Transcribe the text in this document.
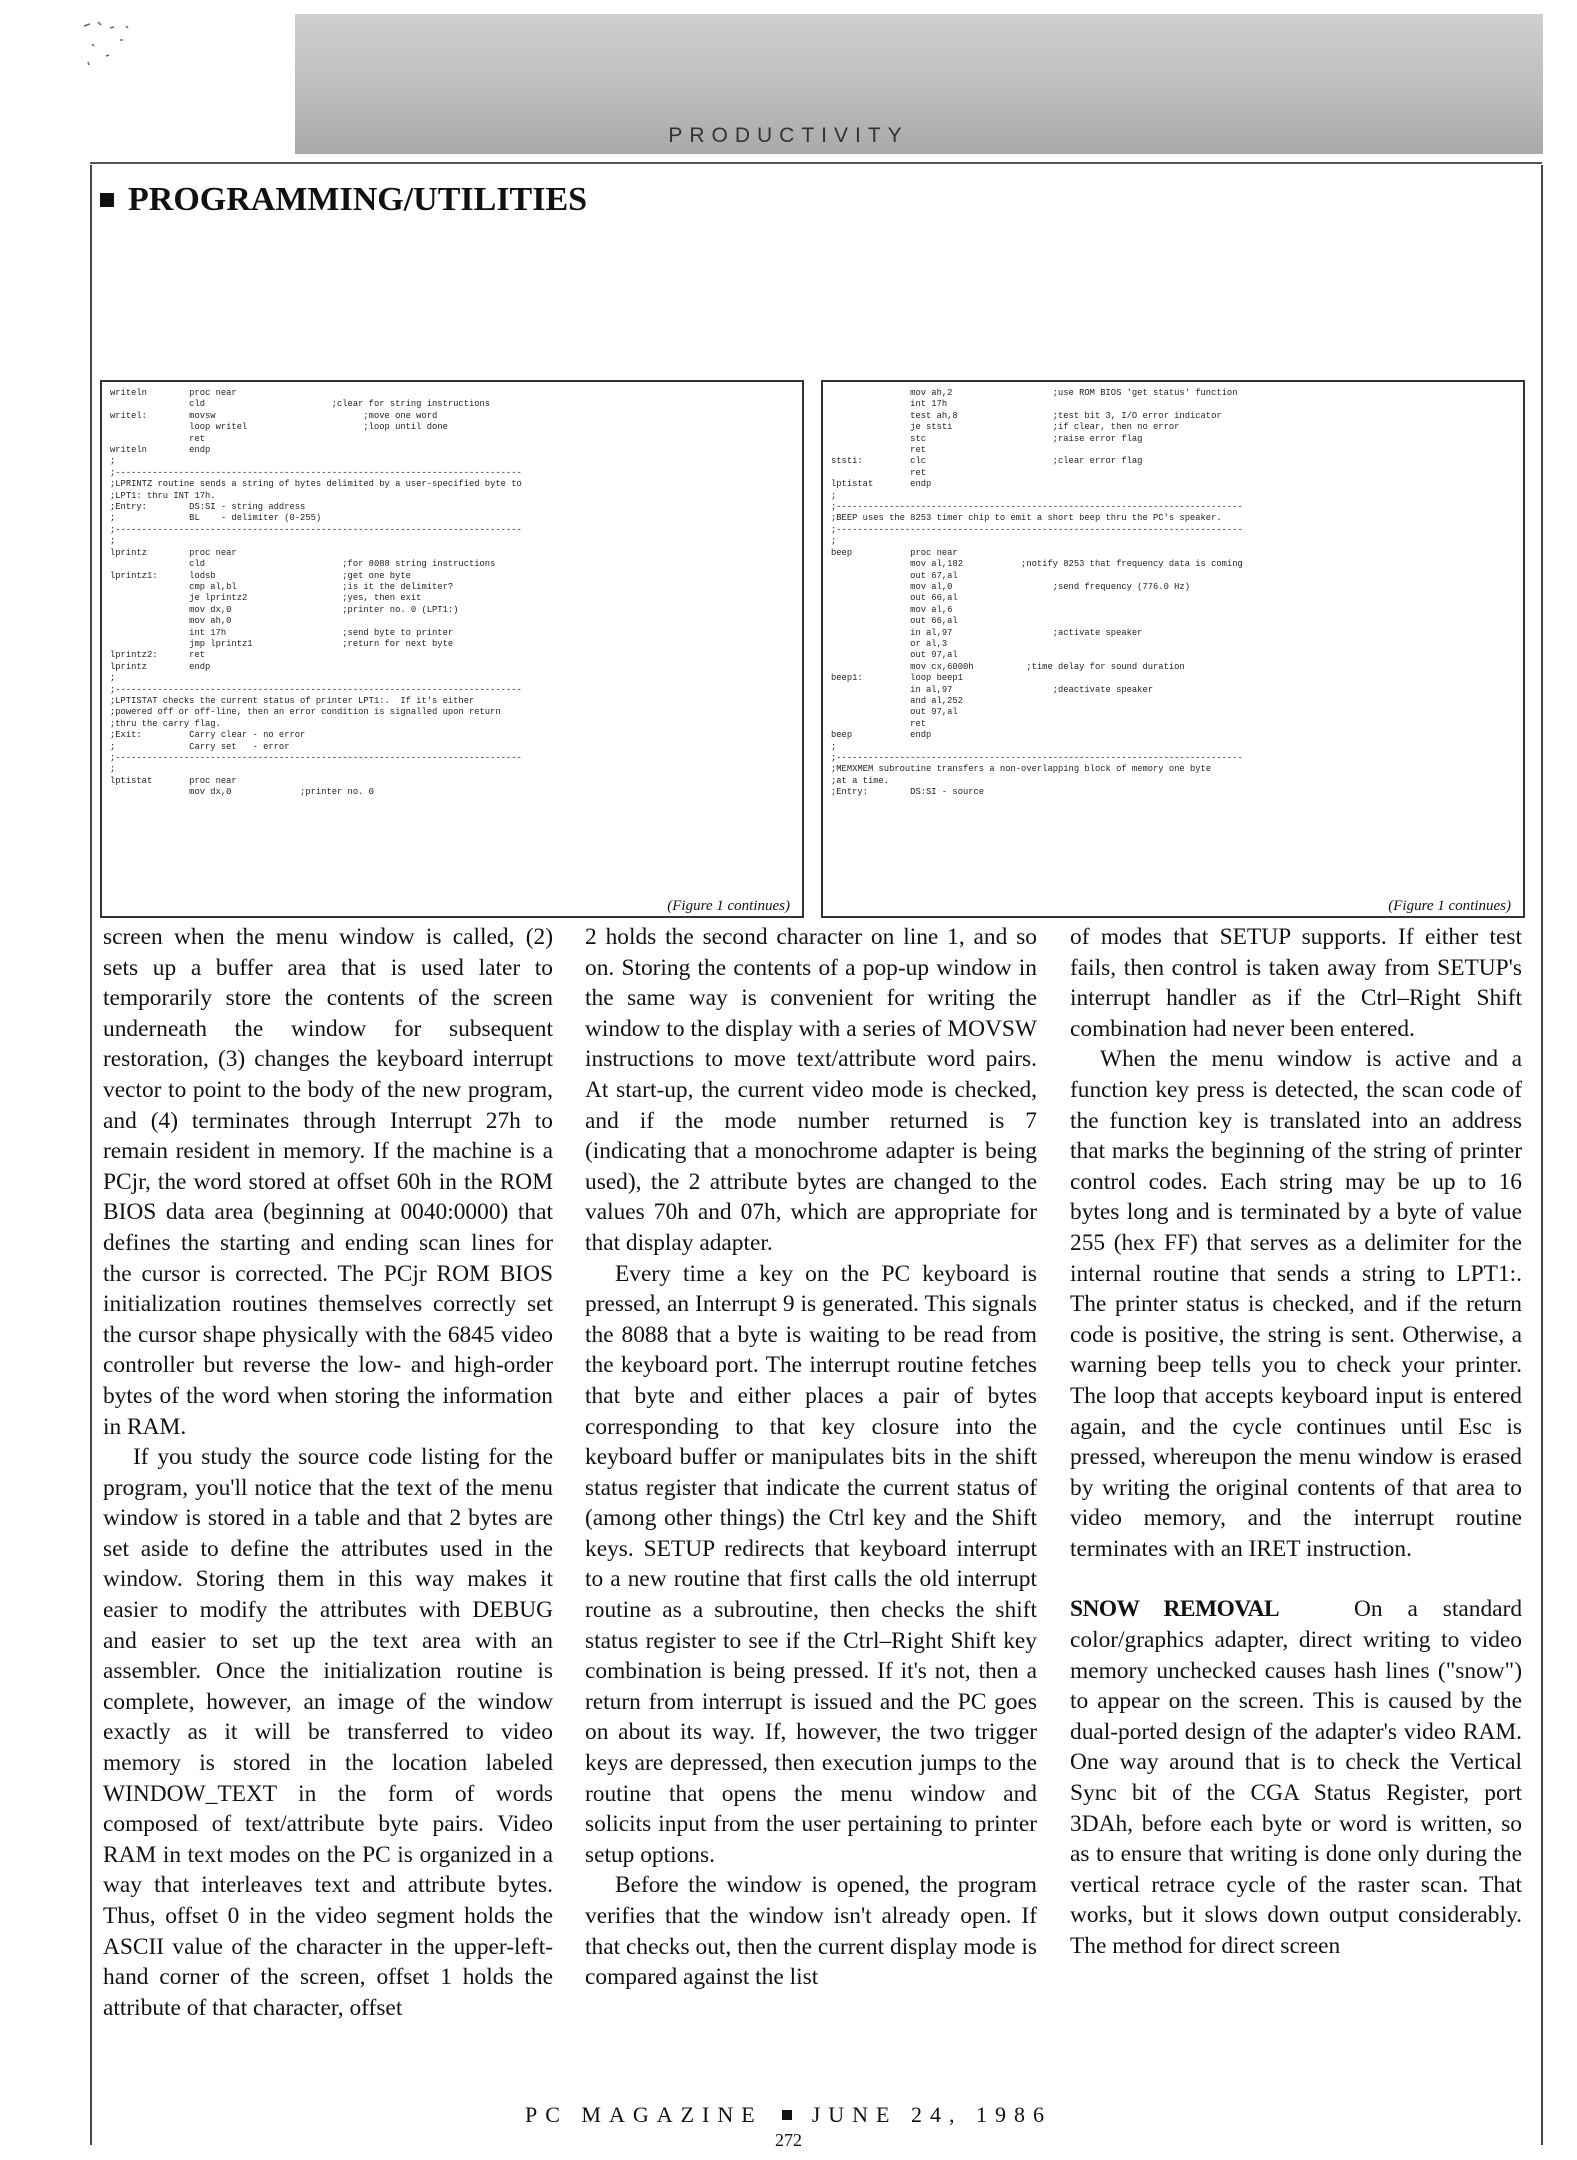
PRODUCTIVITY
PROGRAMMING/UTILITIES
writeln        proc near
cld                        ;clear for string instructions
writel:        movsw                            ;move one word
loop writel                      ;loop until done
ret
writeln        endp
;
;-----------------------------------------------------------------------------
;LPRINTZ routine sends a string of bytes delimited by a user-specified byte to
;LPT1: thru INT 17h.
;Entry:        DS:SI - string address
;              BL    - delimiter (0-255)
;-----------------------------------------------------------------------------
;
lprintz        proc near
cld                          ;for 8088 string instructions
lprintz1:      lodsb                        ;get one byte
cmp al,bl                    ;is it the delimiter?
je lprintz2                  ;yes, then exit
mov dx,0                     ;printer no. 0 (LPT1:)
mov ah,0
int 17h                      ;send byte to printer
jmp lprintz1                 ;return for next byte
lprintz2:      ret
lprintz        endp
;
;-----------------------------------------------------------------------------
;LPTISTAT checks the current status of printer LPT1:.  If it's either
;powered off or off-line, then an error condition is signalled upon return
;thru the carry flag.
;Exit:         Carry clear - no error
;              Carry set   - error
;-----------------------------------------------------------------------------
;
lptistat       proc near
mov dx,0             ;printer no. 0
(Figure 1 continues)
mov ah,2                   ;use ROM BIOS 'get status' function
int 17h
test ah,8                  ;test bit 3, I/O error indicator
je ststi                   ;if clear, then no error
stc                        ;raise error flag
ret
ststi:         clc                        ;clear error flag
ret
lptistat       endp
;
;-----------------------------------------------------------------------------
;BEEP uses the 8253 timer chip to emit a short beep thru the PC's speaker.
;-----------------------------------------------------------------------------
;
beep           proc near
mov al,182           ;notify 8253 that frequency data is coming
out 67,al
mov al,0                   ;send frequency (776.0 Hz)
out 66,al
mov al,6
out 66,al
in al,97                   ;activate speaker
or al,3
out 97,al
mov cx,6000h          ;time delay for sound duration
beep1:         loop beep1
in al,97                   ;deactivate speaker
and al,252
out 97,al
ret
beep           endp
;
;-----------------------------------------------------------------------------
;MEMXMEM subroutine transfers a non-overlapping block of memory one byte
;at a time.
;Entry:        DS:SI - source
(Figure 1 continues)

screen when the menu window is called, (2) sets up a buffer area that is used later to temporarily store the contents of the screen underneath the window for subsequent restoration, (3) changes the keyboard interrupt vector to point to the body of the new program, and (4) terminates through Interrupt 27h to remain resident in memory. If the machine is a PCjr, the word stored at offset 60h in the ROM BIOS data area (beginning at 0040:0000) that defines the starting and ending scan lines for the cursor is corrected. The PCjr ROM BIOS initialization routines themselves correctly set the cursor shape physically with the 6845 video controller but reverse the low- and high-order bytes of the word when storing the information in RAM.

If you study the source code listing for the program, you'll notice that the text of the menu window is stored in a table and that 2 bytes are set aside to define the attributes used in the window. Storing them in this way makes it easier to modify the attributes with DEBUG and easier to set up the text area with an assembler. Once the initialization routine is complete, however, an image of the window exactly as it will be transferred to video memory is stored in the location labeled WINDOW_TEXT in the form of words composed of text/attribute byte pairs. Video RAM in text modes on the PC is organized in a way that interleaves text and attribute bytes. Thus, offset 0 in the video segment holds the ASCII value of the character in the upper-left-hand corner of the screen, offset 1 holds the attribute of that character, offset

2 holds the second character on line 1, and so on. Storing the contents of a pop-up window in the same way is convenient for writing the window to the display with a series of MOVSW instructions to move text/attribute word pairs. At start-up, the current video mode is checked, and if the mode number returned is 7 (indicating that a monochrome adapter is being used), the 2 attribute bytes are changed to the values 70h and 07h, which are appropriate for that display adapter.

Every time a key on the PC keyboard is pressed, an Interrupt 9 is generated. This signals the 8088 that a byte is waiting to be read from the keyboard port. The interrupt routine fetches that byte and either places a pair of bytes corresponding to that key closure into the keyboard buffer or manipulates bits in the shift status register that indicate the current status of (among other things) the Ctrl key and the Shift keys. SETUP redirects that keyboard interrupt to a new routine that first calls the old interrupt routine as a subroutine, then checks the shift status register to see if the Ctrl–Right Shift key combination is being pressed. If it's not, then a return from interrupt is issued and the PC goes on about its way. If, however, the two trigger keys are depressed, then execution jumps to the routine that opens the menu window and solicits input from the user pertaining to printer setup options.

Before the window is opened, the program verifies that the window isn't already open. If that checks out, then the current display mode is compared against the list

of modes that SETUP supports. If either test fails, then control is taken away from SETUP's interrupt handler as if the Ctrl–Right Shift combination had never been entered.

When the menu window is active and a function key press is detected, the scan code of the function key is translated into an address that marks the beginning of the string of printer control codes. Each string may be up to 16 bytes long and is terminated by a byte of value 255 (hex FF) that serves as a delimiter for the internal routine that sends a string to LPT1:. The printer status is checked, and if the return code is positive, the string is sent. Otherwise, a warning beep tells you to check your printer. The loop that accepts keyboard input is entered again, and the cycle continues until Esc is pressed, whereupon the menu window is erased by writing the original contents of that area to video memory, and the interrupt routine terminates with an IRET instruction.

SNOW REMOVAL	On a standard color/graphics adapter, direct writing to video memory unchecked causes hash lines ("snow") to appear on the screen. This is caused by the dual-ported design of the adapter's video RAM. One way around that is to check the Vertical Sync bit of the CGA Status Register, port 3DAh, before each byte or word is written, so as to ensure that writing is done only during the vertical retrace cycle of the raster scan. That works, but it slows down output considerably. The method for direct screen

PC MAGAZINE JUNE 24, 1986
272
